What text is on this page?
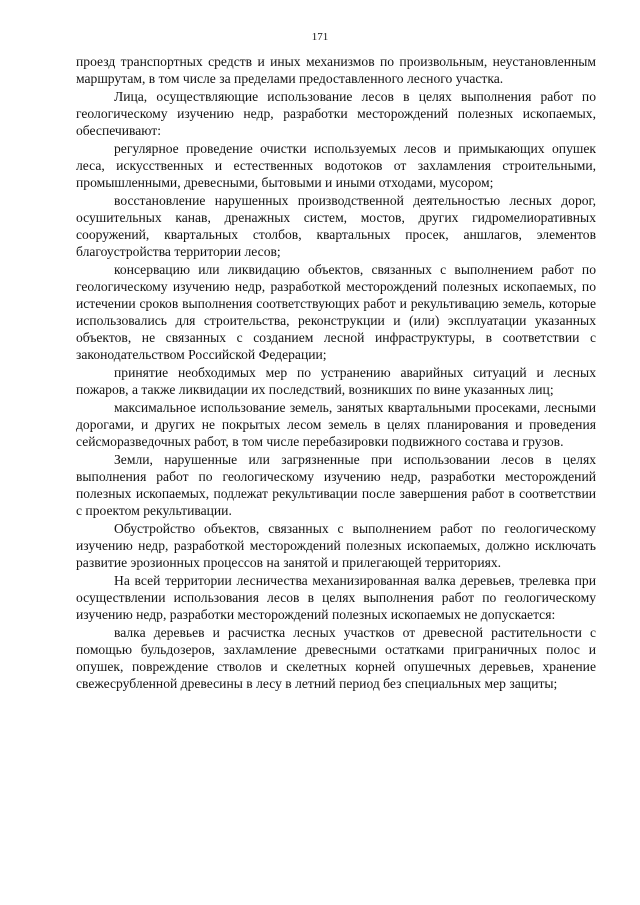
171

проезд транспортных средств и иных механизмов по произвольным, неустановленным маршрутам, в том числе за пределами предоставленного лесного участка.

Лица, осуществляющие использование лесов в целях выполнения работ по геологическому изучению недр, разработки месторождений полезных ископаемых, обеспечивают:

регулярное проведение очистки используемых лесов и примыкающих опушек леса, искусственных и естественных водотоков от захламления строительными, промышленными, древесными, бытовыми и иными отходами, мусором;

восстановление нарушенных производственной деятельностью лесных дорог, осушительных канав, дренажных систем, мостов, других гидромелиоративных сооружений, квартальных столбов, квартальных просек, аншлагов, элементов благоустройства территории лесов;

консервацию или ликвидацию объектов, связанных с выполнением работ по геологическому изучению недр, разработкой месторождений полезных ископаемых, по истечении сроков выполнения соответствующих работ и рекультивацию земель, которые использовались для строительства, реконструкции и (или) эксплуатации указанных объектов, не связанных с созданием лесной инфраструктуры, в соответствии с законодательством Российской Федерации;

принятие необходимых мер по устранению аварийных ситуаций и лесных пожаров, а также ликвидации их последствий, возникших по вине указанных лиц;

максимальное использование земель, занятых квартальными просеками, лесными дорогами, и других не покрытых лесом земель в целях планирования и проведения сейсморазведочных работ, в том числе перебазировки подвижного состава и грузов.

Земли, нарушенные или загрязненные при использовании лесов в целях выполнения работ по геологическому изучению недр, разработки месторождений полезных ископаемых, подлежат рекультивации после завершения работ в соответствии с проектом рекультивации.

Обустройство объектов, связанных с выполнением работ по геологическому изучению недр, разработкой месторождений полезных ископаемых, должно исключать развитие эрозионных процессов на занятой и прилегающей территориях.

На всей территории лесничества механизированная валка деревьев, трелевка при осуществлении использования лесов в целях выполнения работ по геологическому изучению недр, разработки месторождений полезных ископаемых не допускается:

валка деревьев и расчистка лесных участков от древесной растительности с помощью бульдозеров, захламление древесными остатками приграничных полос и опушек, повреждение стволов и скелетных корней опушечных деревьев, хранение свежесрубленной древесины в лесу в летний период без специальных мер защиты;
